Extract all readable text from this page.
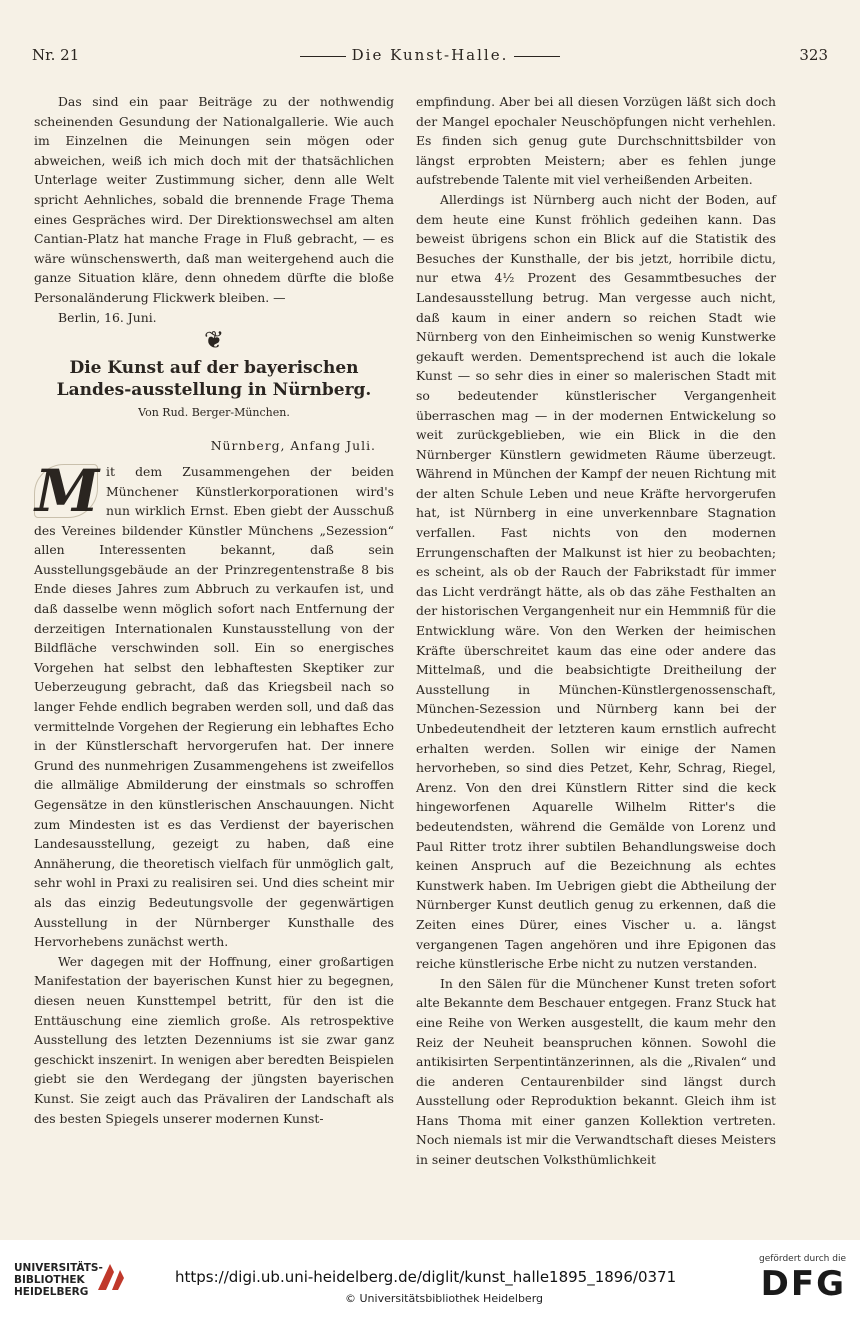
Nr. 21	Die Kunst-Halle.	323

Das sind ein paar Beiträge zu der nothwendig scheinenden Gesundung der Nationalgallerie. Wie auch im Einzelnen die Meinungen sein mögen oder abweichen, weiß ich mich doch mit der thatsächlichen Unterlage weiter Zustimmung sicher, denn alle Welt spricht Aehnliches, sobald die brennende Frage Thema eines Gespräches wird. Der Direktionswechsel am alten Cantian-Platz hat manche Frage in Fluß gebracht, — es wäre wünschenswerth, daß man weitergehend auch die ganze Situation kläre, denn ohnedem dürfte die bloße Personaländerung Flickwerk bleiben. —

Berlin, 16. Juni.

❦
Die Kunst auf der bayerischen Landes-ausstellung in Nürnberg.
Von Rud. Berger-München.
Nürnberg, Anfang Juli.
M it dem Zusammengehen der beiden Münchener Künstlerkorporationen wird's nun wirklich Ernst. Eben giebt der Ausschuß des Vereines bildender Künstler Münchens „Sezession“ allen Interessenten bekannt, daß sein Ausstellungsgebäude an der Prinzregentenstraße 8 bis Ende dieses Jahres zum Abbruch zu verkaufen ist, und daß dasselbe wenn möglich sofort nach Entfernung der derzeitigen Internationalen Kunstausstellung von der Bildfläche verschwinden soll. Ein so energisches Vorgehen hat selbst den lebhaftesten Skeptiker zur Ueberzeugung gebracht, daß das Kriegsbeil nach so langer Fehde endlich begraben werden soll, und daß das vermittelnde Vorgehen der Regierung ein lebhaftes Echo in der Künstlerschaft hervorgerufen hat. Der innere Grund des nunmehrigen Zusammengehens ist zweifellos die allmälige Abmilderung der einstmals so schroffen Gegensätze in den künstlerischen Anschauungen. Nicht zum Mindesten ist es das Verdienst der bayerischen Landesausstellung, gezeigt zu haben, daß eine Annäherung, die theoretisch vielfach für unmöglich galt, sehr wohl in Praxi zu realisiren sei. Und dies scheint mir als das einzig Bedeutungsvolle der gegenwärtigen Ausstellung in der Nürnberger Kunsthalle des Hervorhebens zunächst werth.

Wer dagegen mit der Hoffnung, einer großartigen Manifestation der bayerischen Kunst hier zu begegnen, diesen neuen Kunsttempel betritt, für den ist die Enttäuschung eine ziemlich große. Als retrospektive Ausstellung des letzten Dezenniums ist sie zwar ganz geschickt inszenirt. In wenigen aber beredten Beispielen giebt sie den Werdegang der jüngsten bayerischen Kunst. Sie zeigt auch das Prävaliren der Landschaft als des besten Spiegels unserer modernen Kunst-

empfindung. Aber bei all diesen Vorzügen läßt sich doch der Mangel epochaler Neuschöpfungen nicht verhehlen. Es finden sich genug gute Durchschnittsbilder von längst erprobten Meistern; aber es fehlen junge aufstrebende Talente mit viel verheißenden Arbeiten.

Allerdings ist Nürnberg auch nicht der Boden, auf dem heute eine Kunst fröhlich gedeihen kann. Das beweist übrigens schon ein Blick auf die Statistik des Besuches der Kunsthalle, der bis jetzt, horribile dictu, nur etwa 4½ Prozent des Gesammtbesuches der Landesausstellung betrug. Man vergesse auch nicht, daß kaum in einer andern so reichen Stadt wie Nürnberg von den Einheimischen so wenig Kunstwerke gekauft werden. Dementsprechend ist auch die lokale Kunst — so sehr dies in einer so malerischen Stadt mit so bedeutender künstlerischer Vergangenheit überraschen mag — in der modernen Entwickelung so weit zurückgeblieben, wie ein Blick in die den Nürnberger Künstlern gewidmeten Räume überzeugt. Während in München der Kampf der neuen Richtung mit der alten Schule Leben und neue Kräfte hervorgerufen hat, ist Nürnberg in eine unverkennbare Stagnation verfallen. Fast nichts von den modernen Errungenschaften der Malkunst ist hier zu beobachten; es scheint, als ob der Rauch der Fabrikstadt für immer das Licht verdrängt hätte, als ob das zähe Festhalten an der historischen Vergangenheit nur ein Hemmniß für die Entwicklung wäre. Von den Werken der heimischen Kräfte überschreitet kaum das eine oder andere das Mittelmaß, und die beabsichtigte Dreitheilung der Ausstellung in München-Künstlergenossenschaft, München-Sezession und Nürnberg kann bei der Unbedeutendheit der letzteren kaum ernstlich aufrecht erhalten werden. Sollen wir einige der Namen hervorheben, so sind dies Petzet, Kehr, Schrag, Riegel, Arenz. Von den drei Künstlern Ritter sind die keck hingeworfenen Aquarelle Wilhelm Ritter's die bedeutendsten, während die Gemälde von Lorenz und Paul Ritter trotz ihrer subtilen Behandlungsweise doch keinen Anspruch auf die Bezeichnung als echtes Kunstwerk haben. Im Uebrigen giebt die Abtheilung der Nürnberger Kunst deutlich genug zu erkennen, daß die Zeiten eines Dürer, eines Vischer u. a. längst vergangenen Tagen angehören und ihre Epigonen das reiche künstlerische Erbe nicht zu nutzen verstanden.

In den Sälen für die Münchener Kunst treten sofort alte Bekannte dem Beschauer entgegen. Franz Stuck hat eine Reihe von Werken ausgestellt, die kaum mehr den Reiz der Neuheit beanspruchen können. Sowohl die antikisirten Serpentintänzerinnen, als die „Rivalen“ und die anderen Centaurenbilder sind längst durch Ausstellung oder Reproduktion bekannt. Gleich ihm ist Hans Thoma mit einer ganzen Kollektion vertreten. Noch niemals ist mir die Verwandtschaft dieses Meisters in seiner deutschen Volksthümlichkeit

UNIVERSITÄTS-
BIBLIOTHEK
HEIDELBERG
https://digi.ub.uni-heidelberg.de/diglit/kunst_halle1895_1896/0371
© Universitätsbibliothek Heidelberg
gefördert durch die
DFG
